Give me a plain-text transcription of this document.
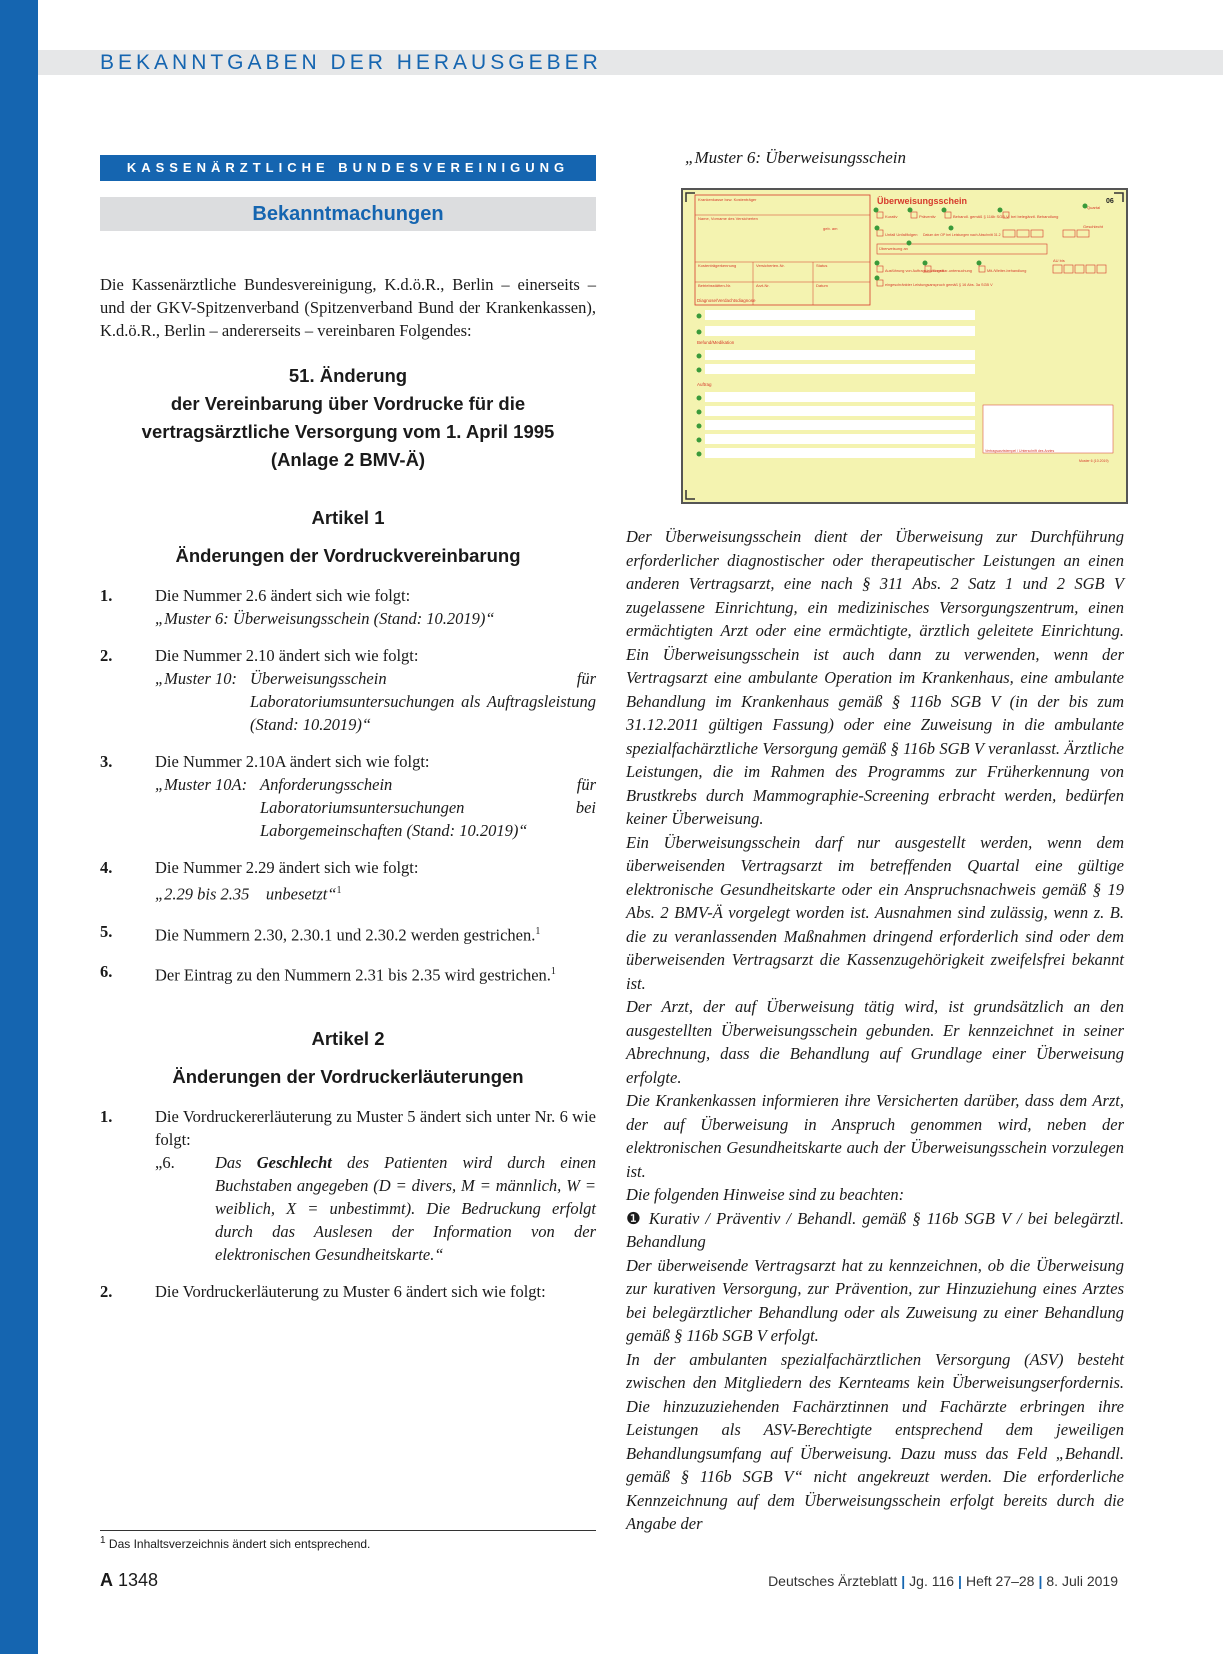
BEKANNTGABEN DER HERAUSGEBER
KASSENÄRZTLICHE BUNDESVEREINIGUNG
Bekanntmachungen

Die Kassenärztliche Bundesvereinigung, K.d.ö.R., Berlin – einerseits – und der GKV-Spitzenverband (Spitzenverband Bund der Krankenkassen), K.d.ö.R., Berlin – andererseits – vereinbaren Folgendes:

51. Änderung

der Vereinbarung über Vordrucke für die

vertragsärztliche Versorgung vom 1. April 1995

(Anlage 2 BMV-Ä)

Artikel 1

Änderungen der Vordruckvereinbarung

1.	Die Nummer 2.6 ändert sich wie folgt:
„Muster 6: Überweisungsschein (Stand: 10.2019)“
2.	Die Nummer 2.10 ändert sich wie folgt:
„Muster 10: Überweisungsschein für Laboratoriumsuntersuchungen als Auftragsleistung (Stand: 10.2019)“
3.	Die Nummer 2.10A ändert sich wie folgt:
„Muster 10A: Anforderungsschein für Laboratoriumsuntersuchungen bei Laborgemeinschaften (Stand: 10.2019)“
4.	Die Nummer 2.29 ändert sich wie folgt:
„2.29 bis 2.35    unbesetzt“$^1$
5.	Die Nummern 2.30, 2.30.1 und 2.30.2 werden gestrichen.$^1$
6.	Der Eintrag zu den Nummern 2.31 bis 2.35 wird gestrichen.$^1$

Artikel 2

Änderungen der Vordruckerläuterungen

1.	Die Vordruckererläuterung zu Muster 5 ändert sich unter Nr. 6 wie folgt:
„6.	Das Geschlecht des Patienten wird durch einen Buchstaben angegeben (D = divers, M = männlich, W = weiblich, X = unbestimmt). Die Bedruckung erfolgt durch das Auslesen der Information von der elektronischen Gesundheitskarte.“
2.	Die Vordruckerläuterung zu Muster 6 ändert sich wie folgt:
$^1$ Das Inhaltsverzeichnis ändert sich entsprechend.
A 1348	Deutsches Ärzteblatt | Jg. 116 | Heft 27–28 | 8. Juli 2019
„Muster 6: Überweisungsschein
Krankenkasse bzw. Kostenträger
Name, Vorname des Versicherten
geb. am
Kostenträgerkennung	Versicherten-Nr.	Status
Betriebsstätten-Nr.	Arzt-Nr.	Datum
Überweisungsschein	06
Quartal
Geschlecht
Kurativ	Präventiv	Behandl. gemäß § 116b SGB V bei belegärztl. Behandlung
Unfall Unfallfolgen Datum der OP bei Leistungen nach Abschnitt 31.2
Überweisung an
Ausführung von Auftragsleistungen
Konsiliar-untersuchung	Mit-/Weiter-behandlung
AU bis
eingeschränkter Leistungsanspruch gemäß § 16 Abs. 3a SGB V
Diagnose/Verdachtsdiagnose
Befund/Medikation
Auftrag
Vertragsarztstempel / Unterschrift des Arztes
Muster 6 (10.2019)

Der Überweisungsschein dient der Überweisung zur Durchführung erforderlicher diagnostischer oder therapeutischer Leistungen an einen anderen Vertragsarzt, eine nach § 311 Abs. 2 Satz 1 und 2 SGB V zugelassene Einrichtung, ein medizinisches Versorgungszentrum, einen ermächtigten Arzt oder eine ermächtigte, ärztlich geleitete Einrichtung. Ein Überweisungsschein ist auch dann zu verwenden, wenn der Vertragsarzt eine ambulante Operation im Krankenhaus, eine ambulante Behandlung im Krankenhaus gemäß § 116b SGB V (in der bis zum 31.12.2011 gültigen Fassung) oder eine Zuweisung in die ambulante spezialfachärztliche Versorgung gemäß § 116b SGB V veranlasst. Ärztliche Leistungen, die im Rahmen des Programms zur Früherkennung von Brustkrebs durch Mammographie-Screening erbracht werden, bedürfen keiner Überweisung.

Ein Überweisungsschein darf nur ausgestellt werden, wenn dem überweisenden Vertragsarzt im betreffenden Quartal eine gültige elektronische Gesundheitskarte oder ein Anspruchsnachweis gemäß § 19 Abs. 2 BMV-Ä vorgelegt worden ist. Ausnahmen sind zulässig, wenn z. B. die zu veranlassenden Maßnahmen dringend erforderlich sind oder dem überweisenden Vertragsarzt die Kassenzugehörigkeit zweifelsfrei bekannt ist.

Der Arzt, der auf Überweisung tätig wird, ist grundsätzlich an den ausgestellten Überweisungsschein gebunden. Er kennzeichnet in seiner Abrechnung, dass die Behandlung auf Grundlage einer Überweisung erfolgte.

Die Krankenkassen informieren ihre Versicherten darüber, dass dem Arzt, der auf Überweisung in Anspruch genommen wird, neben der elektronischen Gesundheitskarte auch der Überweisungsschein vorzulegen ist.

Die folgenden Hinweise sind zu beachten:

❶ Kurativ / Präventiv / Behandl. gemäß § 116b SGB V / bei belegärztl. Behandlung

Der überweisende Vertragsarzt hat zu kennzeichnen, ob die Überweisung zur kurativen Versorgung, zur Prävention, zur Hinzuziehung eines Arztes bei belegärztlicher Behandlung oder als Zuweisung zu einer Behandlung gemäß § 116b SGB V erfolgt.

In der ambulanten spezialfachärztlichen Versorgung (ASV) besteht zwischen den Mitgliedern des Kernteams kein Überweisungserfordernis. Die hinzuzuziehenden Fachärztinnen und Fachärzte erbringen ihre Leistungen als ASV-Berechtigte entsprechend dem jeweiligen Behandlungsumfang auf Überweisung. Dazu muss das Feld „Behandl. gemäß § 116b SGB V“ nicht angekreuzt werden. Die erforderliche Kennzeichnung auf dem Überweisungsschein erfolgt bereits durch die Angabe der
